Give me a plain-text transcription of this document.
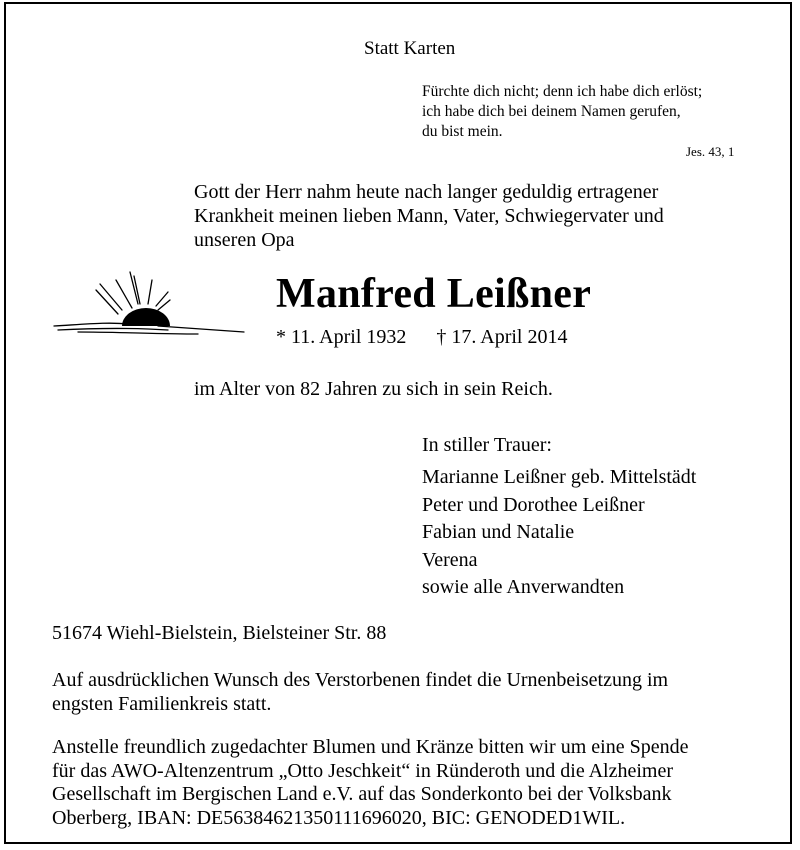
Statt Karten
Fürchte dich nicht; denn ich habe dich erlöst;
ich habe dich bei deinem Namen gerufen,
du bist mein.
Jes. 43, 1
Gott der Herr nahm heute nach langer geduldig ertragener
Krankheit meinen lieben Mann, Vater, Schwiegervater und
unseren Opa
Manfred Leißner
* 11. April 1932 † 17. April 2014
im Alter von 82 Jahren zu sich in sein Reich.
In stiller Trauer:
Marianne Leißner geb. Mittelstädt
Peter und Dorothee Leißner
Fabian und Natalie
Verena
sowie alle Anverwandten
51674 Wiehl-Bielstein, Bielsteiner Str. 88
Auf ausdrücklichen Wunsch des Verstorbenen findet die Urnenbeisetzung im
engsten Familienkreis statt.
Anstelle freundlich zugedachter Blumen und Kränze bitten wir um eine Spende
für das AWO-Altenzentrum „Otto Jeschkeit“ in Ründeroth und die Alzheimer
Gesellschaft im Bergischen Land e.V. auf das Sonderkonto bei der Volksbank
Oberberg, IBAN: DE56384621350111696020, BIC: GENODED1WIL.
